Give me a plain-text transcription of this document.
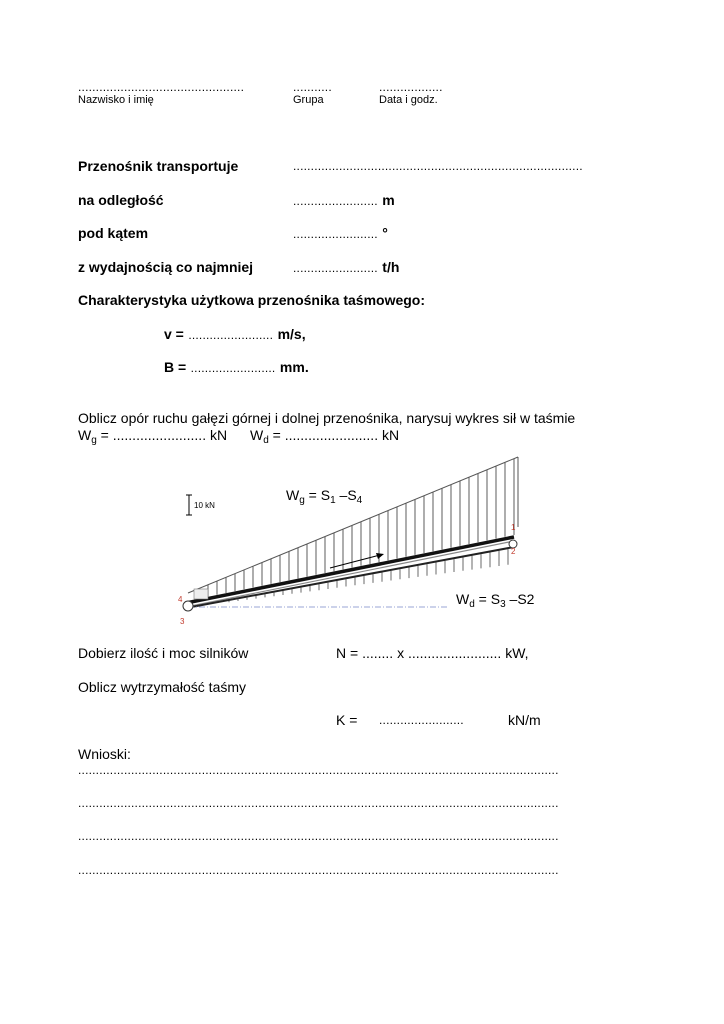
...............................................
Nazwisko i imię
...........
Grupa
..................
Data i godz.
Przenośnik transportuje	..................................................................................
na odległość	........................ m
pod kątem	........................ °
z wydajnością co najmniej	........................ t/h
Charakterystyka użytkowa przenośnika taśmowego:
v = ........................ m/s,
B = ........................ mm.
Oblicz opór ruchu gałęzi górnej i dolnej przenośnika, narysuj wykres sił w taśmie
$W_g$ = ........................ kN $W_d$ = ........................ kN
10 kN
1
2
3
4
$W_g = S_1$ $-S_4$
$W_d = S_3$ –S2
Dobierz ilość i moc silników	N = ........ x ........................ kW,
Oblicz wytrzymałość taśmy
K = ........................	kN/m
Wnioski:
........................................................................................................................................
........................................................................................................................................
........................................................................................................................................
........................................................................................................................................
